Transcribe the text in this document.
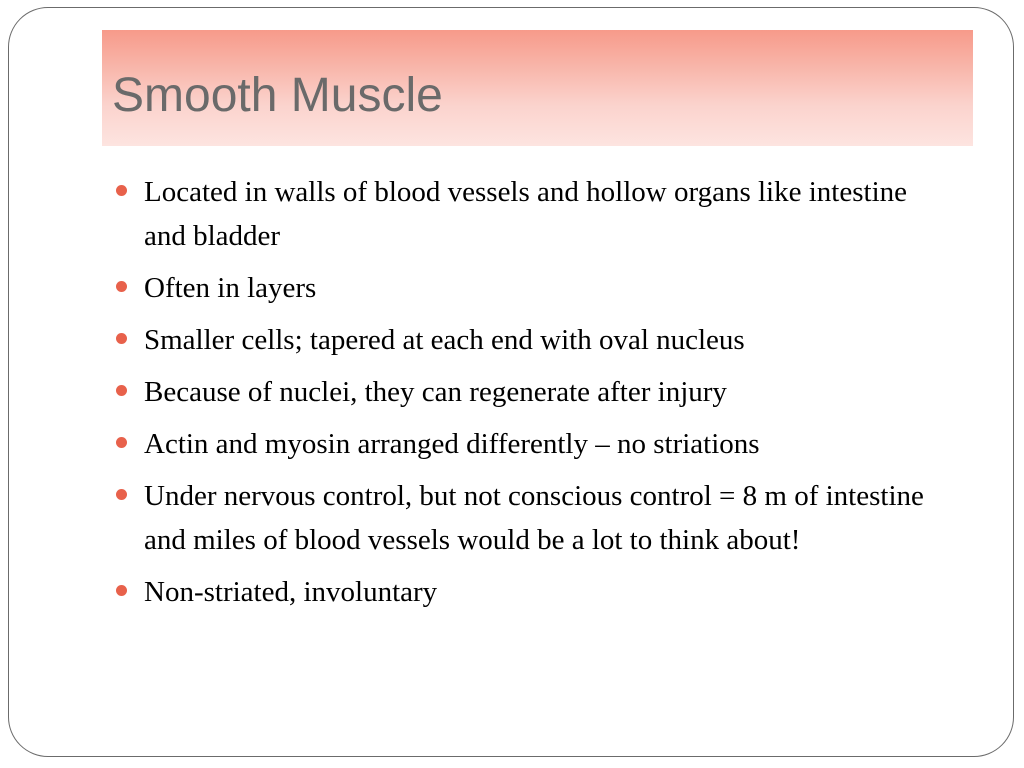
Smooth Muscle
Located in walls of blood vessels and hollow organs like intestine and bladder
Often in layers
Smaller cells; tapered at each end with oval nucleus
Because of nuclei, they can regenerate after injury
Actin and myosin arranged differently – no striations
Under nervous control, but not conscious control = 8 m of intestine and miles of blood vessels would be a lot to think about!
Non-striated, involuntary
